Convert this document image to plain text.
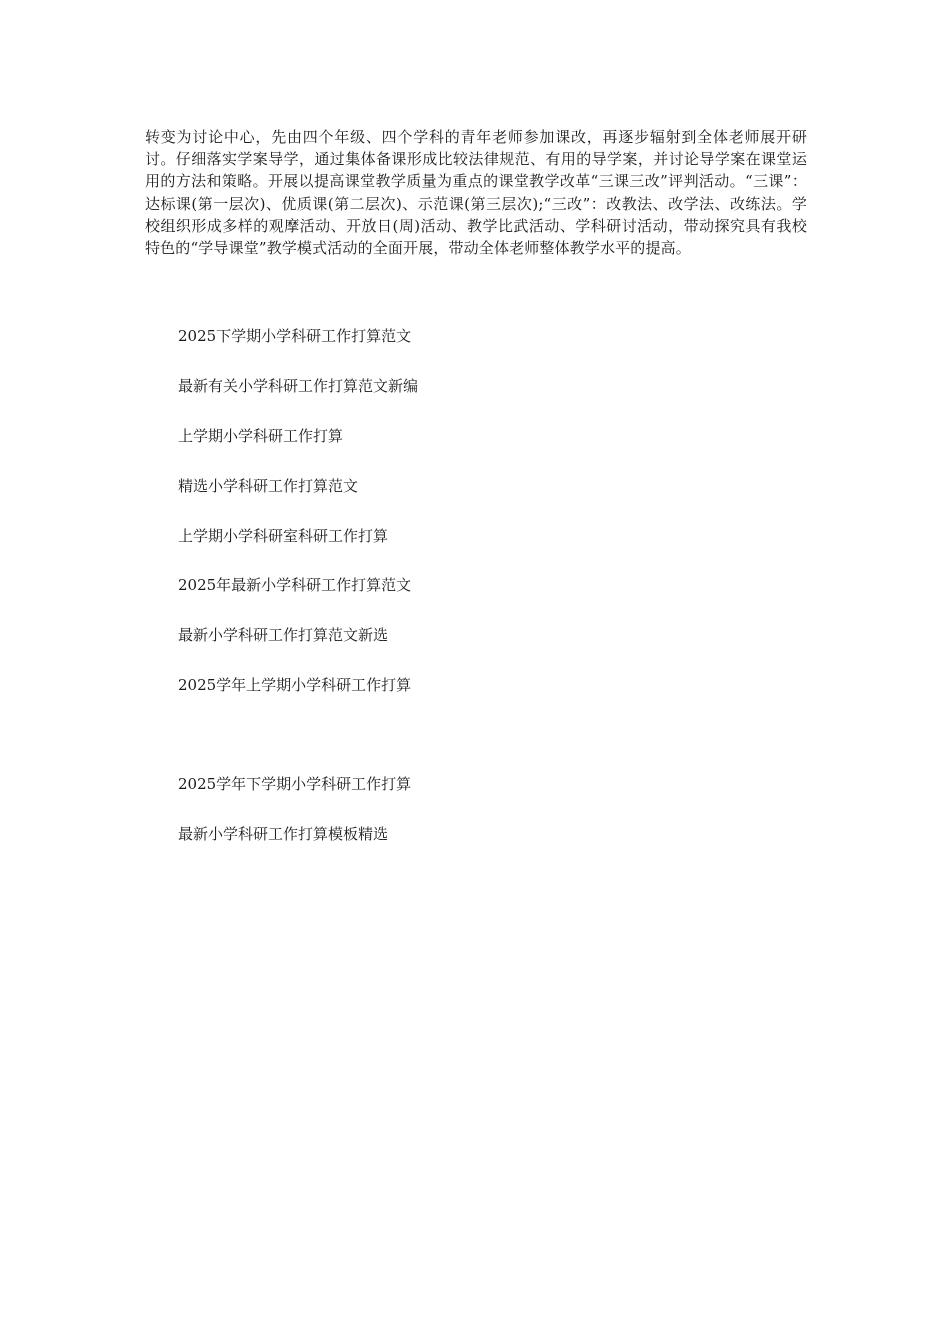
转变为讨论中心，先由四个年级、四个学科的青年老师参加课改，再逐步辐射到全体老师展开研讨。仔细落实学案导学，通过集体备课形成比较法律规范、有用的导学案，并讨论导学案在课堂运用的方法和策略。开展以提高课堂教学质量为重点的课堂教学改革“三课三改”评判活动。“三课”：达标课(第一层次)、优质课(第二层次)、示范课(第三层次);“三改”：改教法、改学法、改练法。学校组织形成多样的观摩活动、开放日(周)活动、教学比武活动、学科研讨活动，带动探究具有我校特色的“学导课堂”教学模式活动的全面开展，带动全体老师整体教学水平的提高。

2025下学期小学科研工作打算范文
最新有关小学科研工作打算范文新编
上学期小学科研工作打算
精选小学科研工作打算范文
上学期小学科研室科研工作打算
2025年最新小学科研工作打算范文
最新小学科研工作打算范文新选
2025学年上学期小学科研工作打算
2025学年下学期小学科研工作打算
最新小学科研工作打算模板精选
